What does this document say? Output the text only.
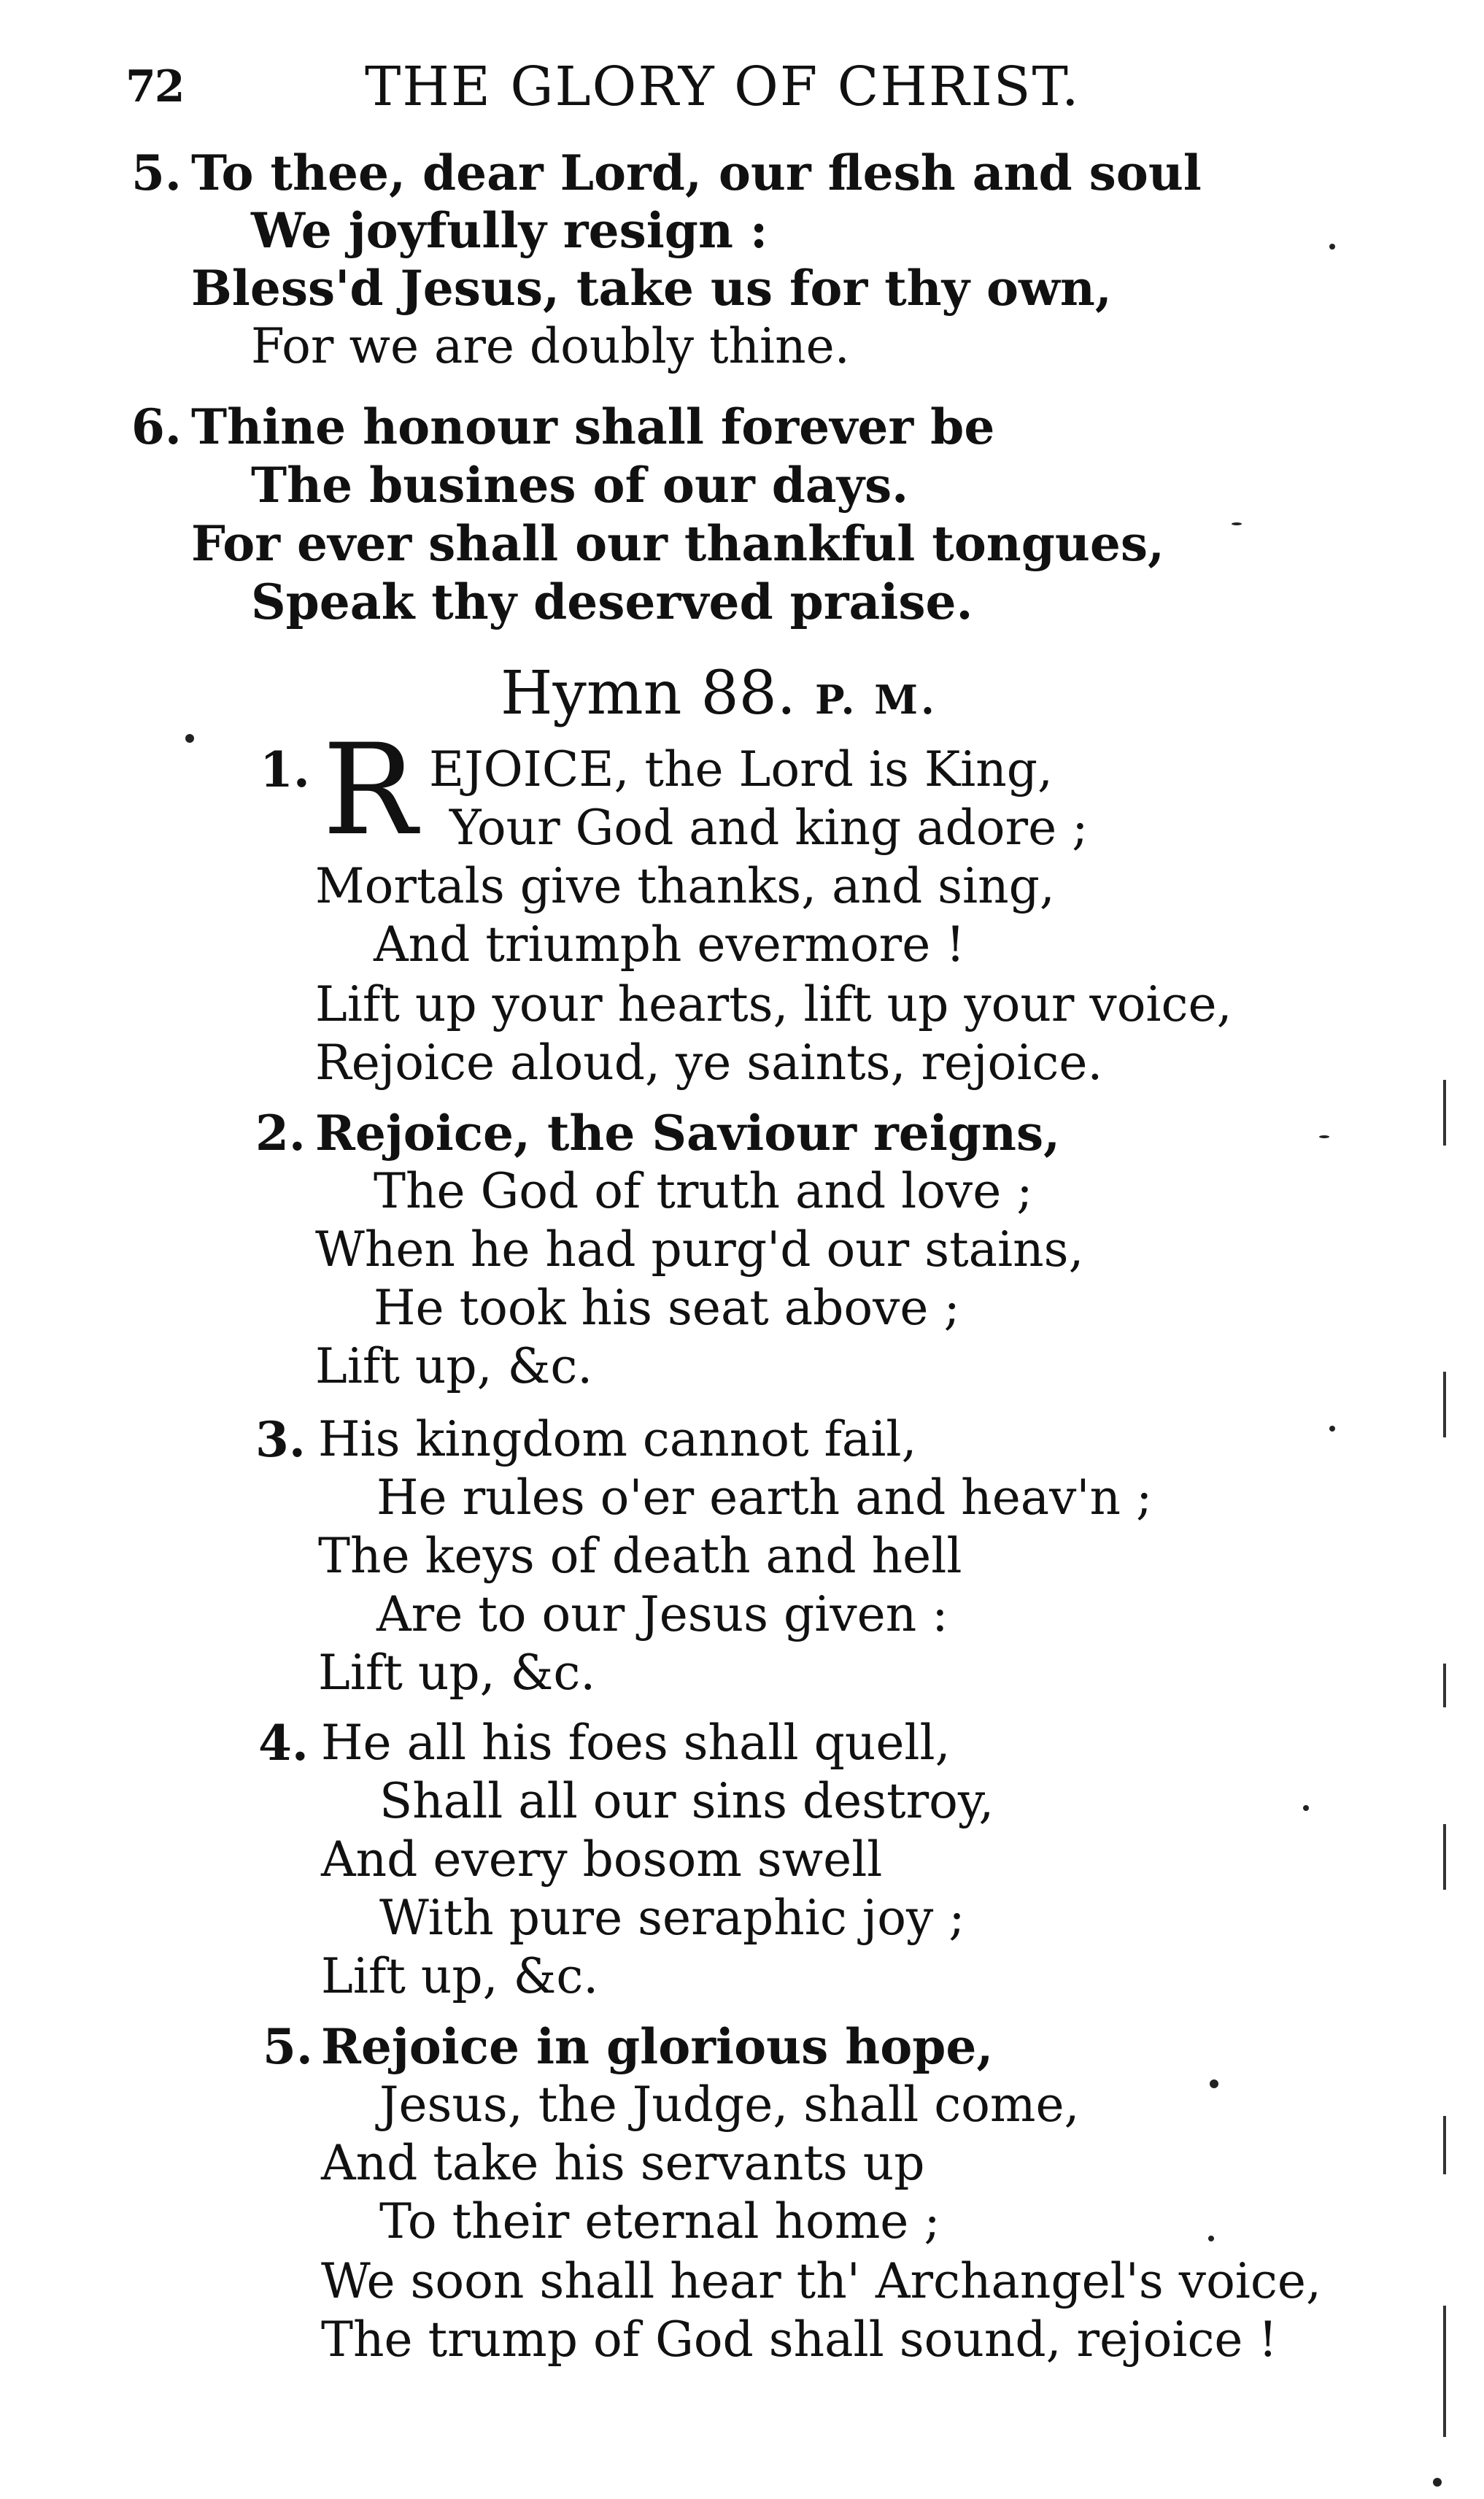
72	THE GLORY OF CHRIST.
5. To thee, dear Lord, our flesh and soul
We joyfully resign :
Bless'd Jesus, take us for thy own,
For we are doubly thine.
6. Thine honour shall forever be
The busines of our days.
For ever shall our thankful tongues,
Speak thy deserved praise.
Hymn 88. P. M.
1. R EJOICE, the Lord is King,
Your God and king adore ;
Mortals give thanks, and sing,
And triumph evermore !
Lift up your hearts, lift up your voice,
Rejoice aloud, ye saints, rejoice.
2. Rejoice, the Saviour reigns,
The God of truth and love ;
When he had purg'd our stains,
He took his seat above ;
Lift up, &c.
3. His kingdom cannot fail,
He rules o'er earth and heav'n ;
The keys of death and hell
Are to our Jesus given :
Lift up, &c.
4. He all his foes shall quell,
Shall all our sins destroy,
And every bosom swell
With pure seraphic joy ;
Lift up, &c.
5. Rejoice in glorious hope,
Jesus, the Judge, shall come,
And take his servants up
To their eternal home ;
We soon shall hear th' Archangel's voice,
The trump of God shall sound, rejoice !
